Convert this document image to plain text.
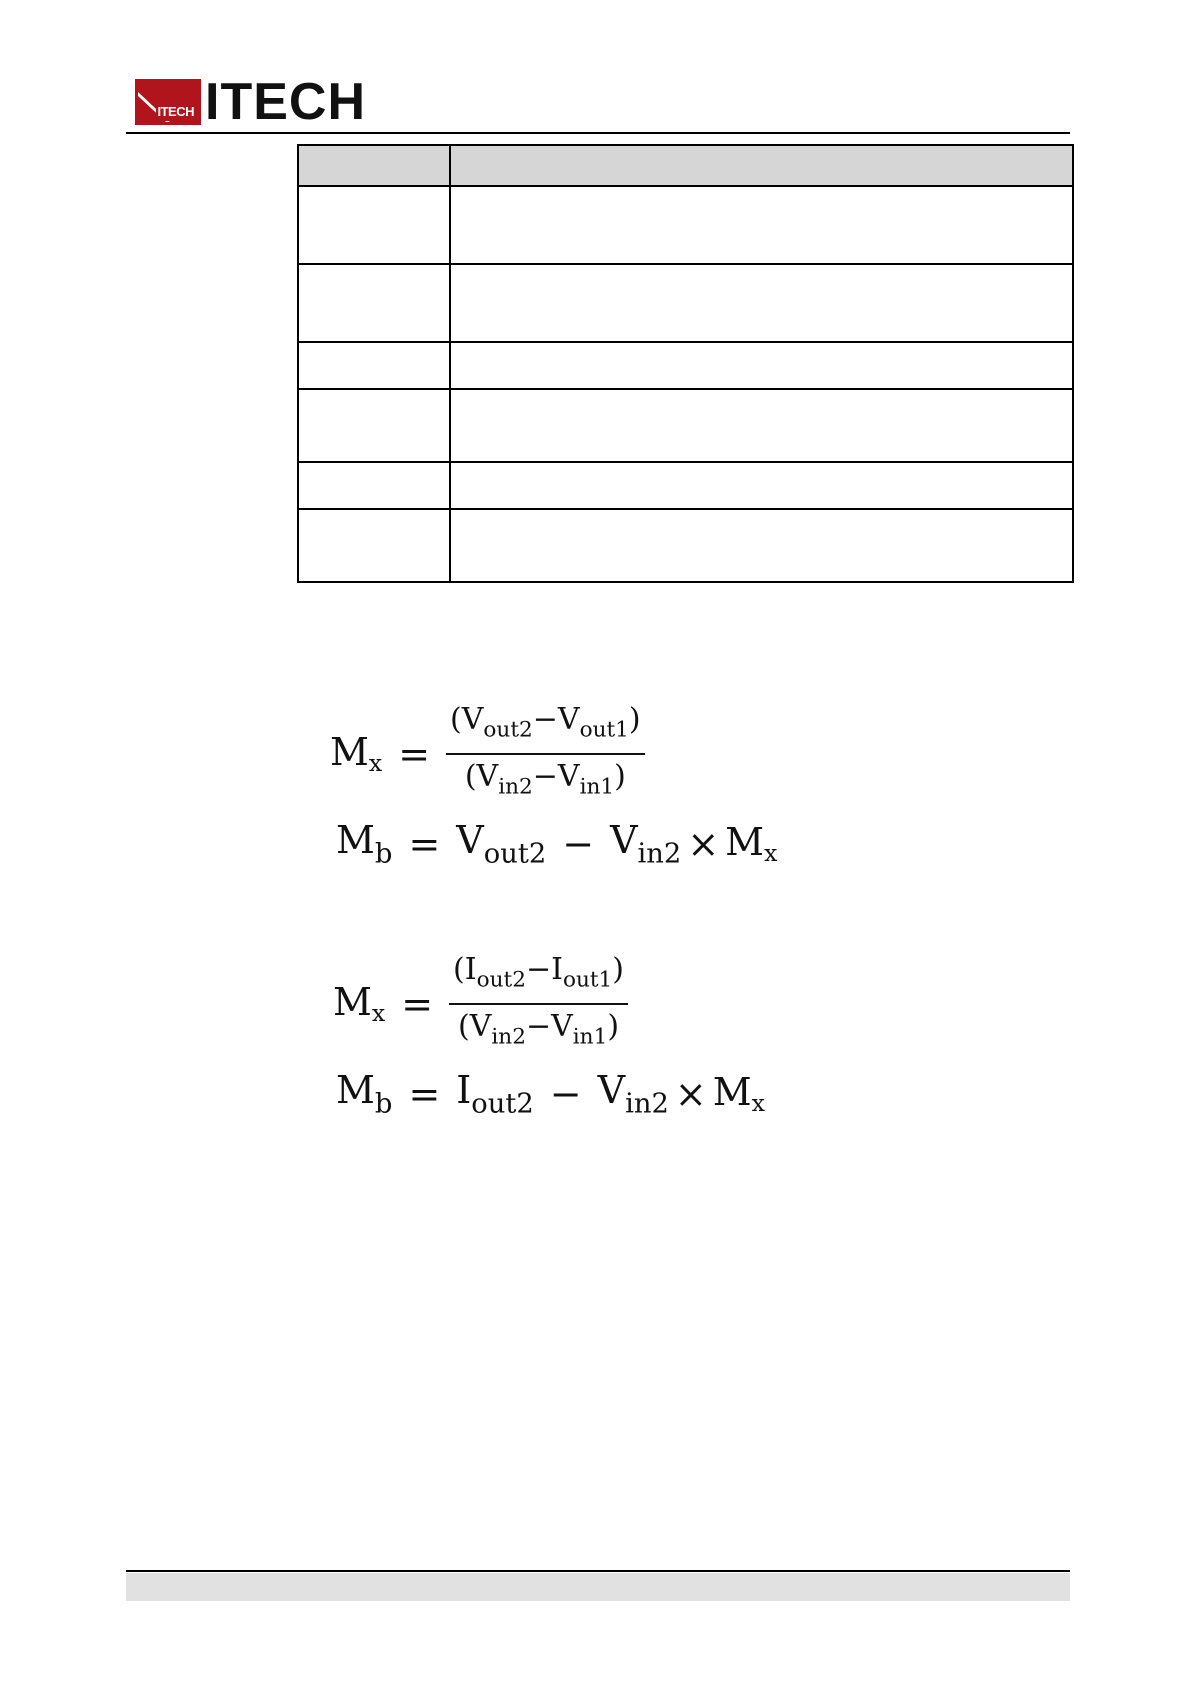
ITECH ITECH

$Mx = \frac{(V_{out2}-V_{out1})}{(V_{in2}-V_{in1})}$
$M_b = V_{out2} - V_{in2} \times Mx$
$Mx = \frac{(I_{out2}-I_{out1})}{(V_{in2}-V_{in1})}$
$M_b = I_{out2} - V_{in2} \times Mx$
